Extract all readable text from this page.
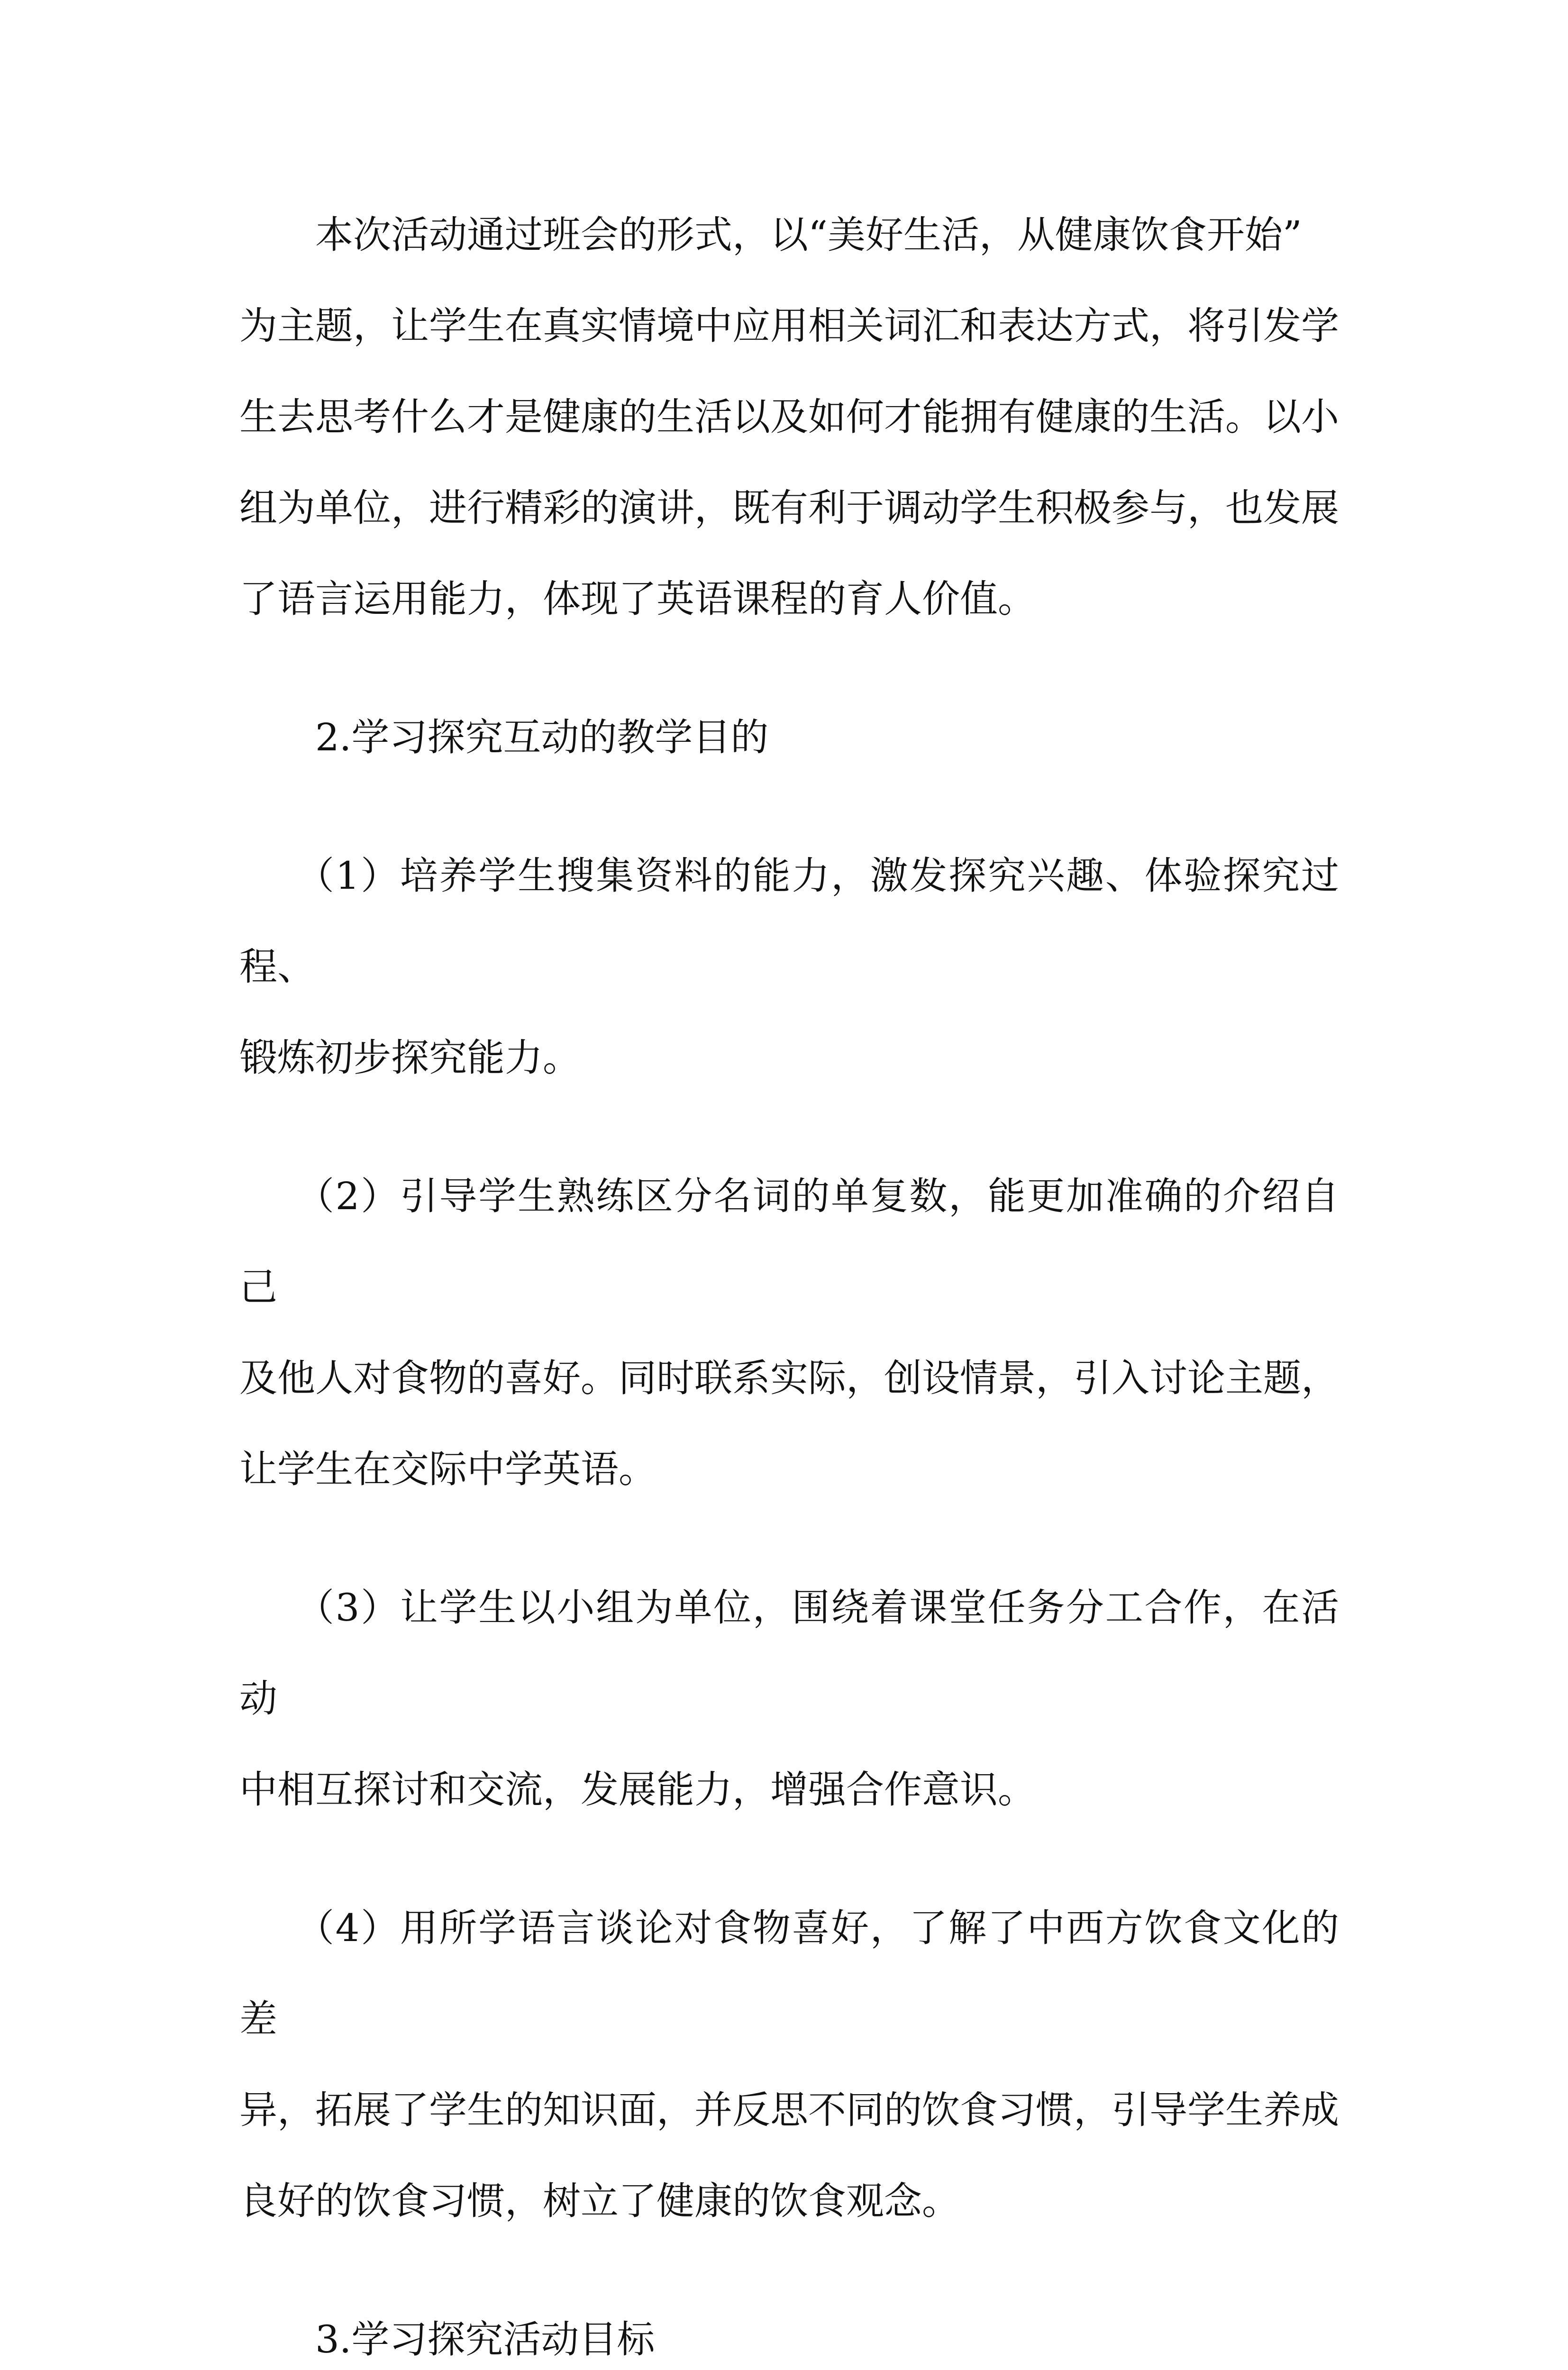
本次活动通过班会的形式，以“美好生活，从健康饮食开始”
为主题，让学生在真实情境中应用相关词汇和表达方式，将引发学
生去思考什么才是健康的生活以及如何才能拥有健康的生活。以小
组为单位，进行精彩的演讲，既有利于调动学生积极参与，也发展
了语言运用能力，体现了英语课程的育人价值。

2.学习探究互动的教学目的

（1）培养学生搜集资料的能力，激发探究兴趣、体验探究过程、
锻炼初步探究能力。

（2）引导学生熟练区分名词的单复数，能更加准确的介绍自己
及他人对食物的喜好。同时联系实际，创设情景，引入讨论主题，
让学生在交际中学英语。

（3）让学生以小组为单位，围绕着课堂任务分工合作，在活动
中相互探讨和交流，发展能力，增强合作意识。

（4）用所学语言谈论对食物喜好，了解了中西方饮食文化的差
异，拓展了学生的知识面，并反思不同的饮食习惯，引导学生养成
良好的饮食习惯，树立了健康的饮食观念。

3.学习探究活动目标
